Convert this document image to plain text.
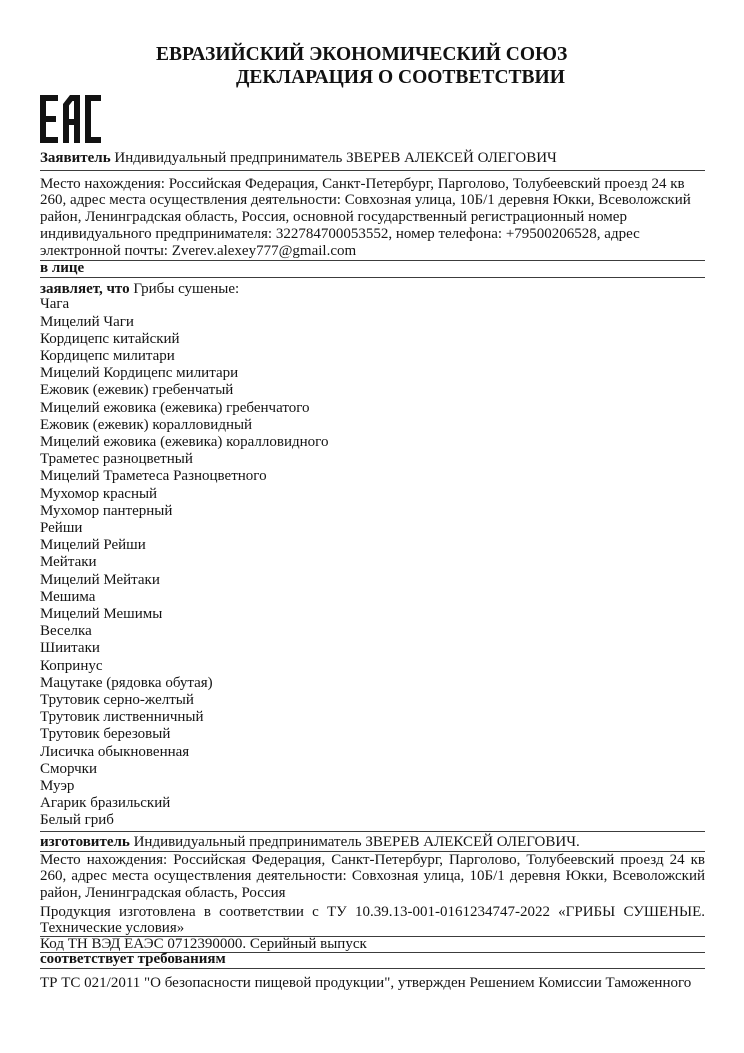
ЕВРАЗИЙСКИЙ ЭКОНОМИЧЕСКИЙ СОЮЗ
ДЕКЛАРАЦИЯ О СООТВЕТСТВИИ
Заявитель Индивидуальный предприниматель ЗВЕРЕВ АЛЕКСЕЙ ОЛЕГОВИЧ
Место нахождения: Российская Федерация, Санкт-Петербург, Парголово, Толубеевский проезд 24 кв
260, адрес места осуществления деятельности: Совхозная улица, 10Б/1 деревня Юкки, Всеволожский
район, Ленинградская область, Россия, основной государственный регистрационный номер
индивидуального предпринимателя: 322784700053552, номер телефона: +79500206528, адрес
электронной почты: Zverev.alexey777@gmail.com
в лице
заявляет, что Грибы сушеные:
Чага
Мицелий Чаги
Кордицепс китайский
Кордицепс милитари
Мицелий Кордицепс милитари
Ежовик (ежевик) гребенчатый
Мицелий ежовика (ежевика) гребенчатого
Ежовик (ежевик) коралловидный
Мицелий ежовика (ежевика) коралловидного
Траметес разноцветный
Мицелий Траметеса Разноцветного
Мухомор красный
Мухомор пантерный
Рейши
Мицелий Рейши
Мейтаки
Мицелий Мейтаки
Мешима
Мицелий Мешимы
Веселка
Шиитаки
Копринус
Мацутаке (рядовка обутая)
Трутовик серно-желтый
Трутовик лиственничный
Трутовик березовый
Лисичка обыкновенная
Сморчки
Муэр
Агарик бразильский
Белый гриб
изготовитель Индивидуальный предприниматель ЗВЕРЕВ АЛЕКСЕЙ ОЛЕГОВИЧ.
Место нахождения: Российская Федерация, Санкт-Петербург, Парголово, Толубеевский проезд 24 кв
260, адрес места осуществления деятельности: Совхозная улица, 10Б/1 деревня Юкки, Всеволожский
район, Ленинградская область, Россия
Продукция изготовлена в соответствии с ТУ 10.39.13-001-0161234747-2022 «ГРИБЫ СУШЕНЫЕ.
Технические условия»
Код ТН ВЭД ЕАЭС 0712390000. Серийный выпуск
соответствует требованиям
ТР ТС 021/2011 "О безопасности пищевой продукции", утвержден Решением Комиссии Таможенного
